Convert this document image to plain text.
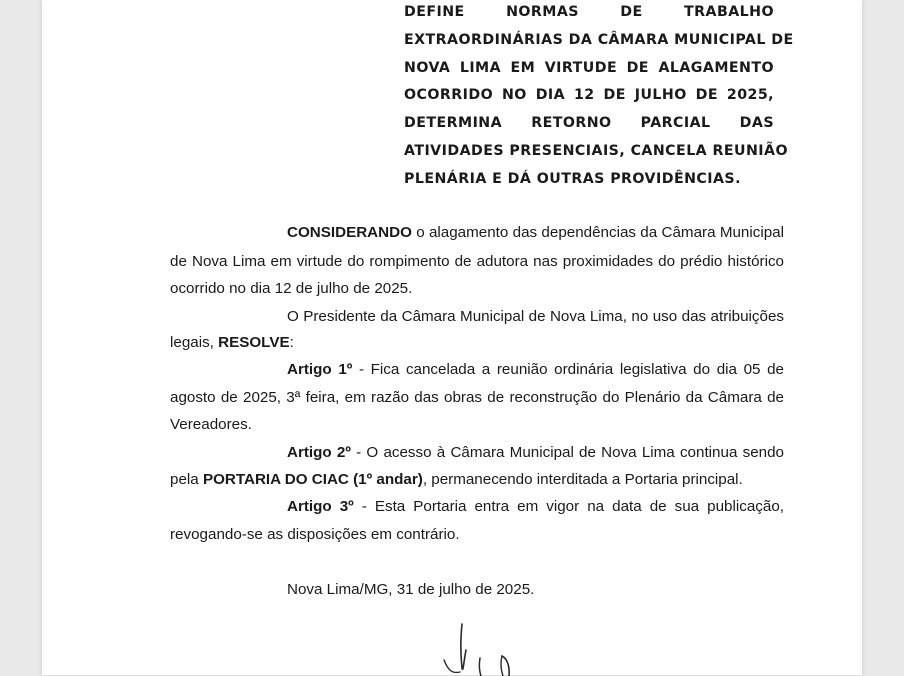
DEFINE NORMAS DE TRABALHO
EXTRAORDINÁRIAS DA CÂMARA MUNICIPAL DE
NOVA LIMA EM VIRTUDE DE ALAGAMENTO
OCORRIDO NO DIA 12 DE JULHO DE 2025,
DETERMINA RETORNO PARCIAL DAS
ATIVIDADES PRESENCIAIS, CANCELA REUNIÃO
PLENÁRIA E DÁ OUTRAS PROVIDÊNCIAS.
CONSIDERANDO o alagamento das dependências da Câmara Municipal
de Nova Lima em virtude do rompimento de adutora nas proximidades do prédio histórico
ocorrido no dia 12 de julho de 2025.
O Presidente da Câmara Municipal de Nova Lima, no uso das atribuições
legais, RESOLVE:
Artigo 1º - Fica cancelada a reunião ordinária legislativa do dia 05 de
agosto de 2025, 3ª feira, em razão das obras de reconstrução do Plenário da Câmara de
Vereadores.
Artigo 2º - O acesso à Câmara Municipal de Nova Lima continua sendo
pela PORTARIA DO CIAC (1º andar), permanecendo interditada a Portaria principal.
Artigo 3º - Esta Portaria entra em vigor na data de sua publicação,
revogando-se as disposições em contrário.
Nova Lima/MG, 31 de julho de 2025.
